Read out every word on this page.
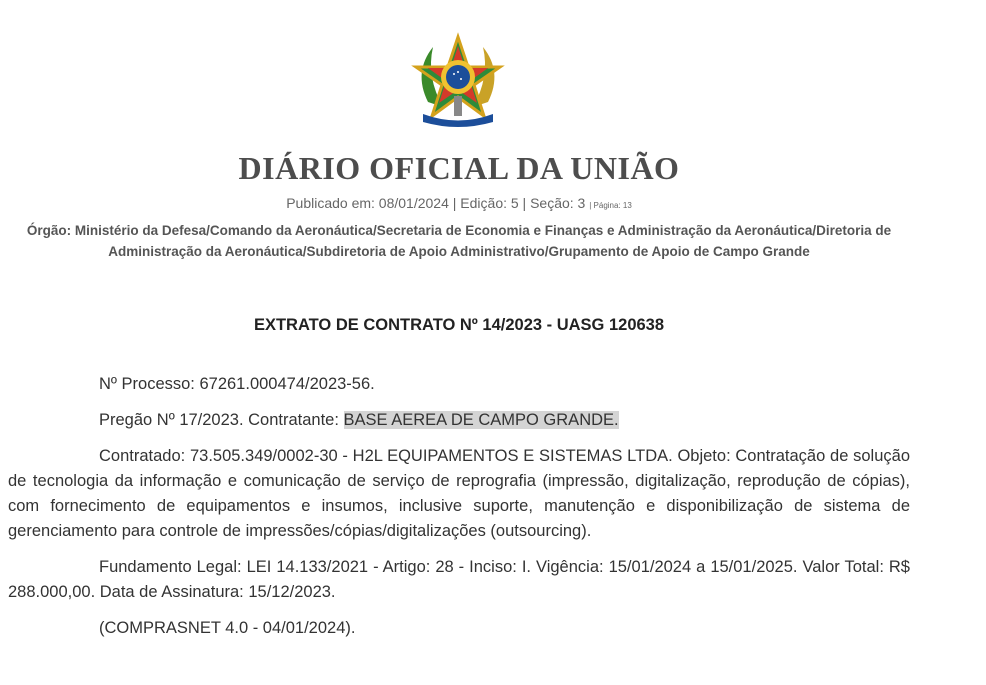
DIÁRIO OFICIAL DA UNIÃO
Publicado em: 08/01/2024 | Edição: 5 | Seção: 3 | Página: 13
Órgão: Ministério da Defesa/Comando da Aeronáutica/Secretaria de Economia e Finanças e Administração da Aeronáutica/Diretoria de Administração da Aeronáutica/Subdiretoria de Apoio Administrativo/Grupamento de Apoio de Campo Grande
EXTRATO DE CONTRATO Nº 14/2023 - UASG 120638

Nº Processo: 67261.000474/2023-56.

Pregão Nº 17/2023. Contratante: BASE AEREA DE CAMPO GRANDE.

Contratado: 73.505.349/0002-30 - H2L EQUIPAMENTOS E SISTEMAS LTDA. Objeto: Contratação de solução de tecnologia da informação e comunicação de serviço de reprografia (impressão, digitalização, reprodução de cópias), com fornecimento de equipamentos e insumos, inclusive suporte, manutenção e disponibilização de sistema de gerenciamento para controle de impressões/cópias/digitalizações (outsourcing).

Fundamento Legal: LEI 14.133/2021 - Artigo: 28 - Inciso: I. Vigência: 15/01/2024 a 15/01/2025. Valor Total: R$ 288.000,00. Data de Assinatura: 15/12/2023.

(COMPRASNET 4.0 - 04/01/2024).
